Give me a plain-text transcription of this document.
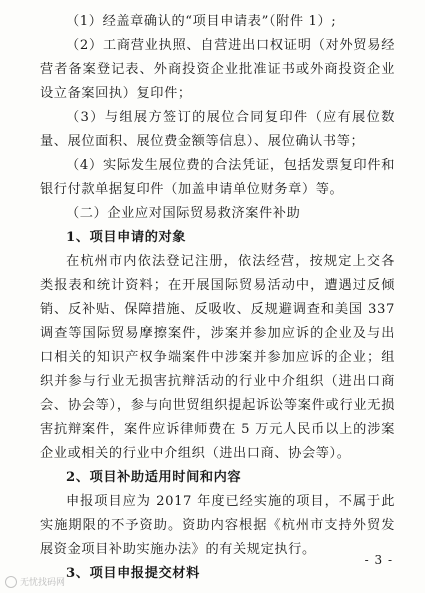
（1）经盖章确认的“项目申请表”（附件 1）;

（2）工商营业执照、自营进出口权证明（对外贸易经营者备案登记表、外商投资企业批准证书或外商投资企业设立备案回执）复印件；

（3）与组展方签订的展位合同复印件（应有展位数量、展位面积、展位费金额等信息）、展位确认书等；

（4）实际发生展位费的合法凭证，包括发票复印件和银行付款单据复印件（加盖申请单位财务章）等。

（二）企业应对国际贸易救济案件补助

1、项目申请的对象

在杭州市内依法登记注册，依法经营，按规定上交各类报表和统计资料；在开展国际贸易活动中，遭遇过反倾销、反补贴、保障措施、反吸收、反规避调查和美国 337 调查等国际贸易摩擦案件，涉案并参加应诉的企业及与出口相关的知识产权争端案件中涉案并参加应诉的企业；组织并参与行业无损害抗辩活动的行业中介组织（进出口商会、协会等），参与向世贸组织提起诉讼等案件或行业无损害抗辩案件，案件应诉律师费在 5 万元人民币以上的涉案企业或相关的行业中介组织（进出口商、协会等）。

2、项目补助适用时间和内容

申报项目应为 2017 年度已经实施的项目，不属于此实施期限的不予资助。资助内容根据《杭州市支持外贸发展资金项目补助实施办法》的有关规定执行。

3、项目申报提交材料

- 3 -
无忧找码网
